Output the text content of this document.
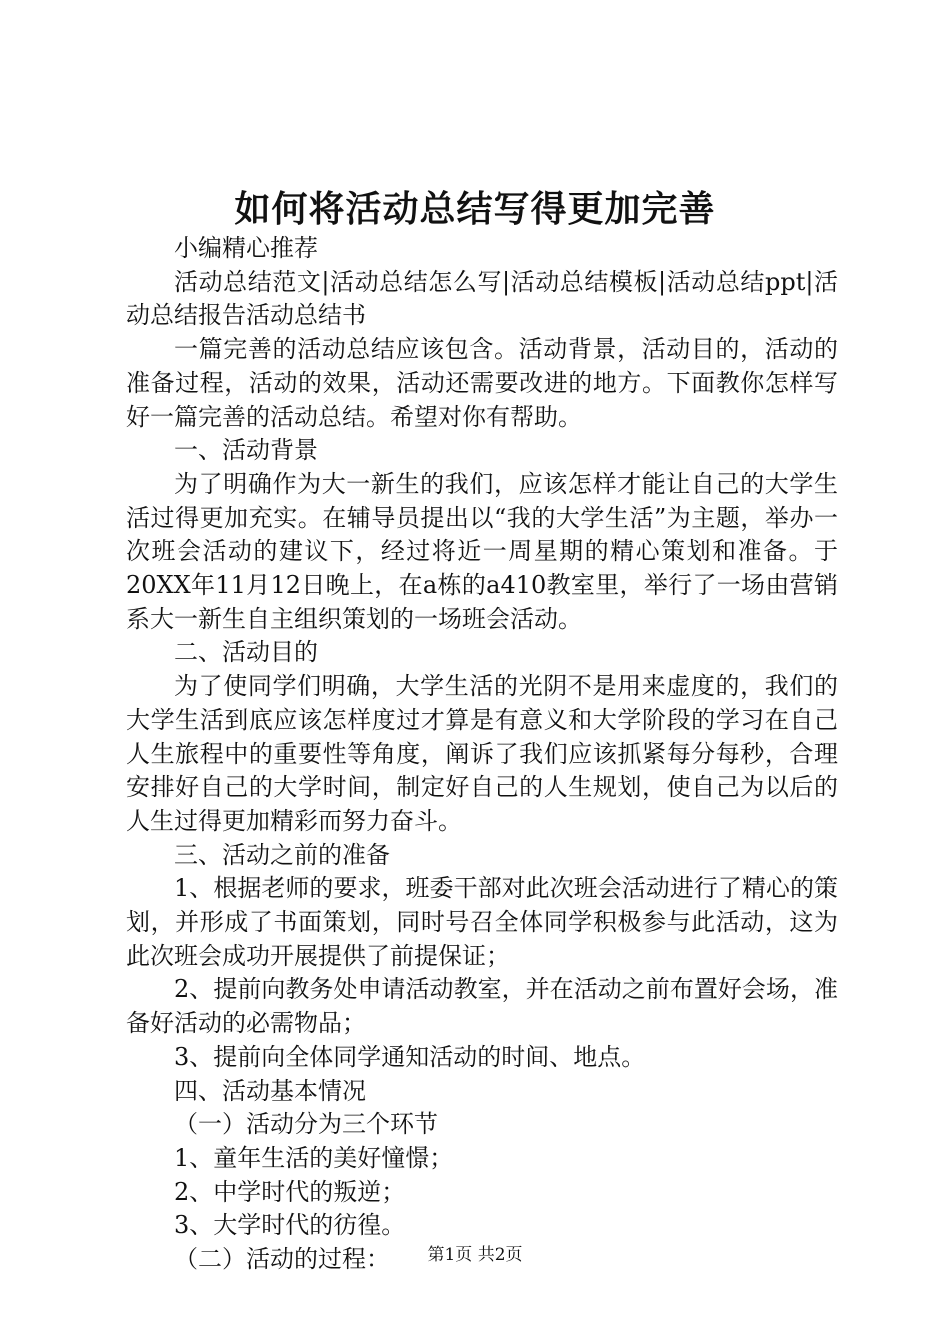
如何将活动总结写得更加完善

小编精心推荐

活动总结范文|活动总结怎么写|活动总结模板|活动总结ppt|活动总结报告活动总结书

一篇完善的活动总结应该包含。活动背景，活动目的，活动的准备过程，活动的效果，活动还需要改进的地方。下面教你怎样写好一篇完善的活动总结。希望对你有帮助。

一、活动背景

为了明确作为大一新生的我们，应该怎样才能让自己的大学生活过得更加充实。在辅导员提出以“我的大学生活”为主题，举办一次班会活动的建议下，经过将近一周星期的精心策划和准备。于20XX年11月12日晚上，在a栋的a410教室里，举行了一场由营销系大一新生自主组织策划的一场班会活动。

二、活动目的

为了使同学们明确，大学生活的光阴不是用来虚度的，我们的大学生活到底应该怎样度过才算是有意义和大学阶段的学习在自己人生旅程中的重要性等角度，阐诉了我们应该抓紧每分每秒，合理安排好自己的大学时间，制定好自己的人生规划，使自己为以后的人生过得更加精彩而努力奋斗。

三、活动之前的准备

1、根据老师的要求，班委干部对此次班会活动进行了精心的策划，并形成了书面策划，同时号召全体同学积极参与此活动，这为此次班会成功开展提供了前提保证；

2、提前向教务处申请活动教室，并在活动之前布置好会场，准备好活动的必需物品；

3、提前向全体同学通知活动的时间、地点。

四、活动基本情况

（一）活动分为三个环节

1、童年生活的美好憧憬；

2、中学时代的叛逆；

3、大学时代的彷徨。

（二）活动的过程：	第1页 共2页
